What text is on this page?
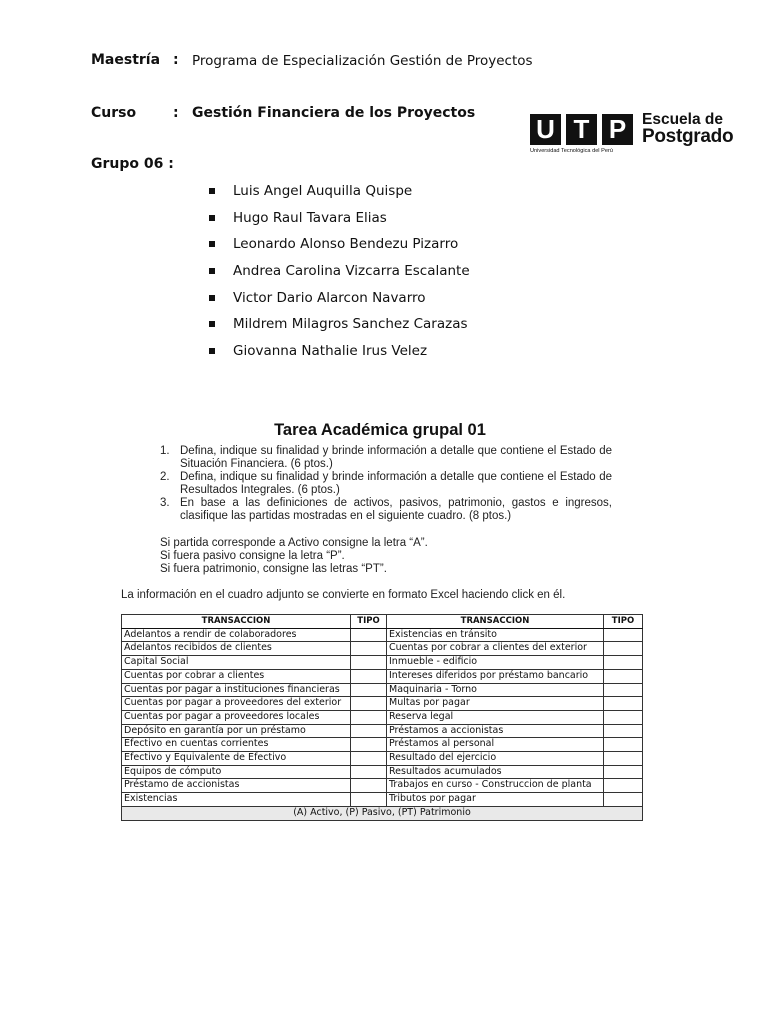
Maestría : Programa de Especialización Gestión de Proyectos
Curso	: Gestión Financiera de los Proyectos
Grupo 06 :
U T P	Escuela de
Postgrado
Universidad Tecnológica del Perú
Luis Angel Auquilla Quispe
Hugo Raul Tavara Elias
Leonardo Alonso Bendezu Pizarro
Andrea Carolina Vizcarra Escalante
Victor Dario Alarcon Navarro
Mildrem Milagros Sanchez Carazas
Giovanna Nathalie Irus Velez
Tarea Académica grupal 01
1. Defina, indique su finalidad y brinde información a detalle que contiene el Estado de Situación Financiera. (6 ptos.)
2. Defina, indique su finalidad y brinde información a detalle que contiene el Estado de Resultados Integrales. (6 ptos.)
3. En base a las definiciones de activos, pasivos, patrimonio, gastos e ingresos, clasifique las partidas mostradas en el siguiente cuadro. (8 ptos.)
Si partida corresponde a Activo consigne la letra “A”.
Si fuera pasivo consigne la letra “P”.
Si fuera patrimonio, consigne las letras “PT”.
La información en el cuadro adjunto se convierte en formato Excel haciendo click en él.
TRANSACCION	TIPO	TRANSACCION	TIPO
Adelantos a rendir de colaboradores		Existencias en tránsito	
Adelantos recibidos de clientes		Cuentas por cobrar a clientes del exterior	
Capital Social		Inmueble - edificio	
Cuentas por cobrar a clientes		Intereses diferidos por préstamo bancario	
Cuentas por pagar a instituciones financieras		Maquinaria - Torno	
Cuentas por pagar a proveedores del exterior		Multas por pagar	
Cuentas por pagar a proveedores locales		Reserva legal	
Depósito en garantía por un préstamo		Préstamos a accionistas	
Efectivo en cuentas corrientes		Préstamos al personal	
Efectivo y Equivalente de Efectivo		Resultado del ejercicio	
Equipos de cómputo		Resultados acumulados	
Préstamo de accionistas		Trabajos en curso - Construccion de planta	
Existencias		Tributos por pagar	
(A) Activo, (P) Pasivo, (PT) Patrimonio			
